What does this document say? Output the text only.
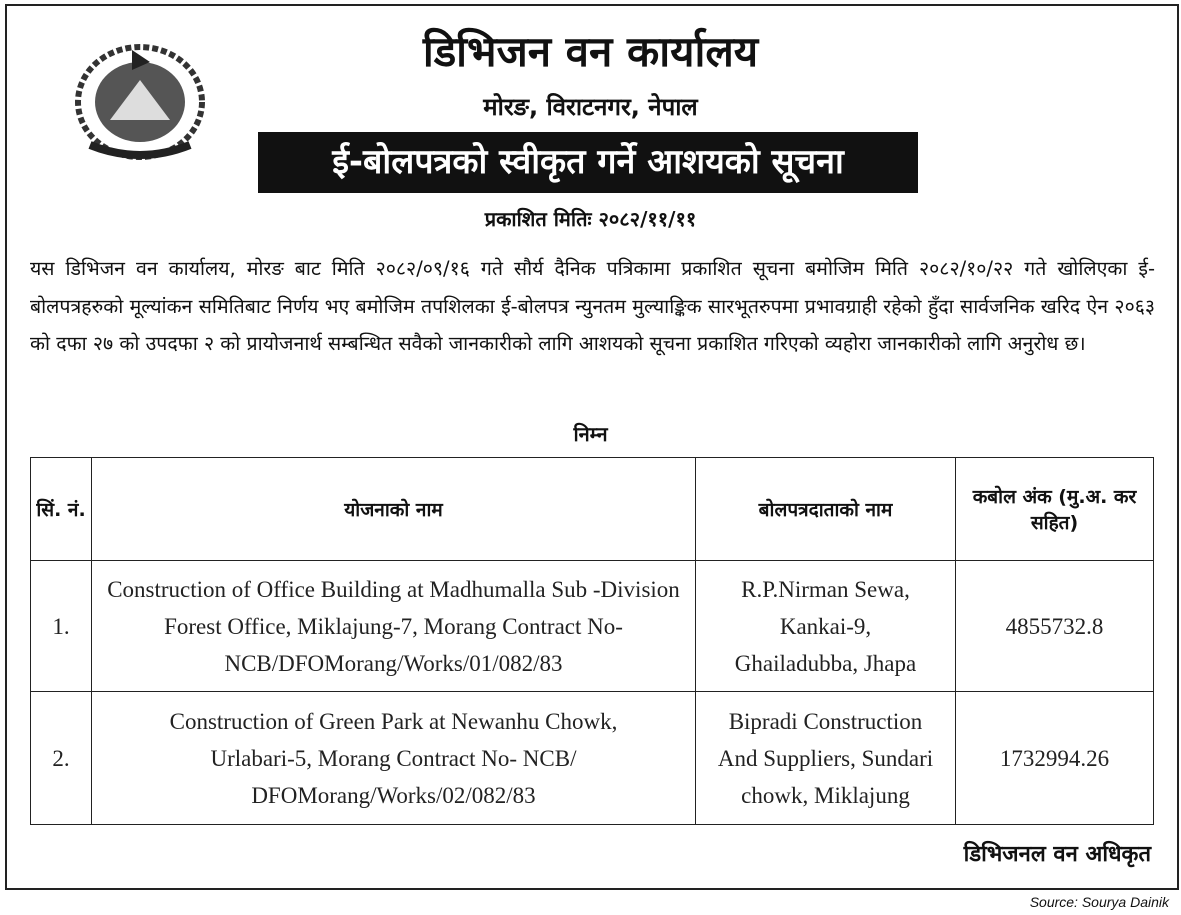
डिभिजन वन कार्यालय
मोरङ, विराटनगर, नेपाल
ई-बोलपत्रको स्वीकृत गर्ने आशयको सूचना
प्रकाशित मितिः २०८२/११/११
यस डिभिजन वन कार्यालय, मोरङ बाट मिति २०८२/०९/१६ गते सौर्य दैनिक पत्रिकामा प्रकाशित सूचना बमोजिम मिति २०८२/१०/२२ गते खोलिएका ई-बोलपत्रहरुको मूल्यांकन समितिबाट निर्णय भए बमोजिम तपशिलका ई-बोलपत्र न्युनतम मुल्याङ्किक सारभूतरुपमा प्रभावग्राही रहेको हुँदा सार्वजनिक खरिद ऐन २०६३ को दफा २७ को उपदफा २ को प्रायोजनार्थ सम्बन्धित सवैको जानकारीको लागि आशयको सूचना प्रकाशित गरिएको व्यहोरा जानकारीको लागि अनुरोध छ।
निम्न
सिं. नं.	योजनाको नाम	बोलपत्रदाताको नाम	कबोल अंक (मु.अ. कर सहित)
1.	Construction of Office Building at Madhumalla Sub -Division Forest Office, Miklajung-7, Morang Contract No- NCB/DFOMorang/Works/01/082/83	R.P.Nirman Sewa, Kankai-9, Ghailadubba, Jhapa	4855732.8
2.	Construction of Green Park at Newanhu Chowk, Urlabari-5, Morang Contract No- NCB/ DFOMorang/Works/02/082/83	Bipradi Construction And Suppliers, Sundari chowk, Miklajung	1732994.26
डिभिजनल वन अधिकृत
Source: Sourya Dainik
